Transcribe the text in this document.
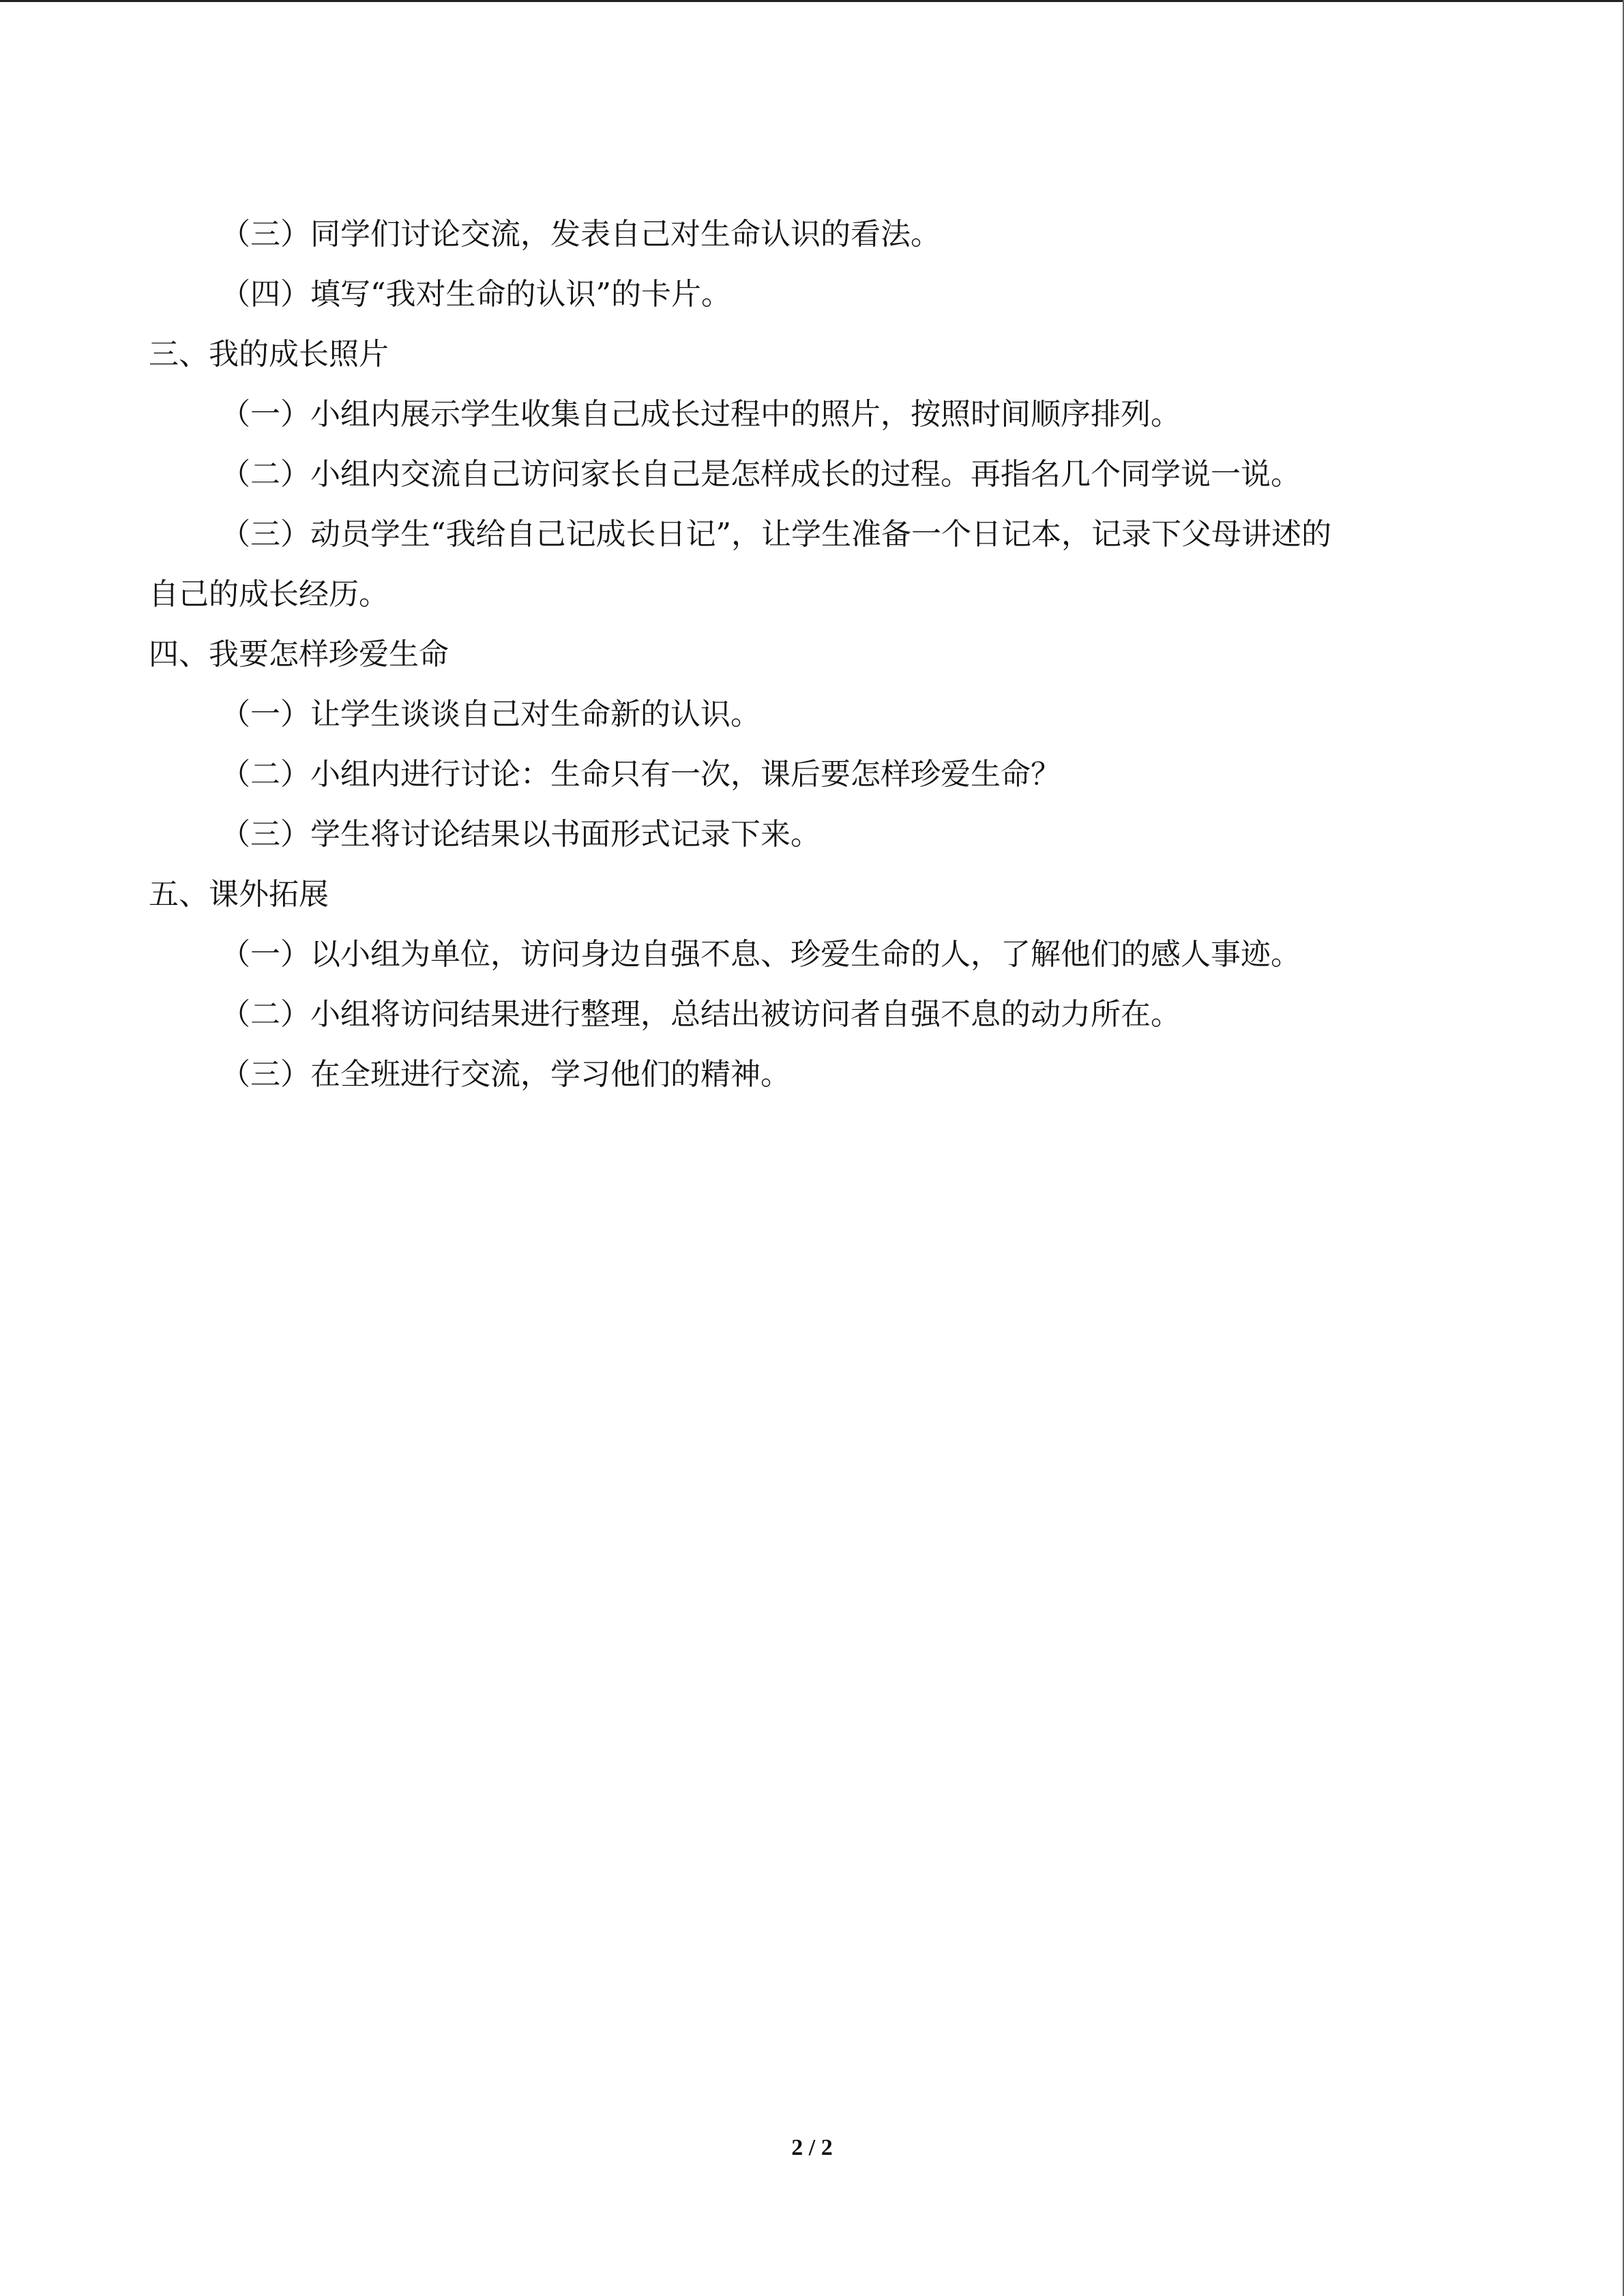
（三）同学们讨论交流，发表自己对生命认识的看法。

（四）填写“我对生命的认识”的卡片。

三、我的成长照片

（一）小组内展示学生收集自己成长过程中的照片，按照时间顺序排列。

（二）小组内交流自己访问家长自己是怎样成长的过程。再指名几个同学说一说。

（三）动员学生“我给自己记成长日记”，让学生准备一个日记本，记录下父母讲述的

自己的成长经历。

四、我要怎样珍爱生命

（一）让学生谈谈自己对生命新的认识。

（二）小组内进行讨论：生命只有一次，课后要怎样珍爱生命？

（三）学生将讨论结果以书面形式记录下来。

五、课外拓展

（一）以小组为单位，访问身边自强不息、珍爱生命的人，了解他们的感人事迹。

（二）小组将访问结果进行整理，总结出被访问者自强不息的动力所在。

（三）在全班进行交流，学习他们的精神。

2 / 2
